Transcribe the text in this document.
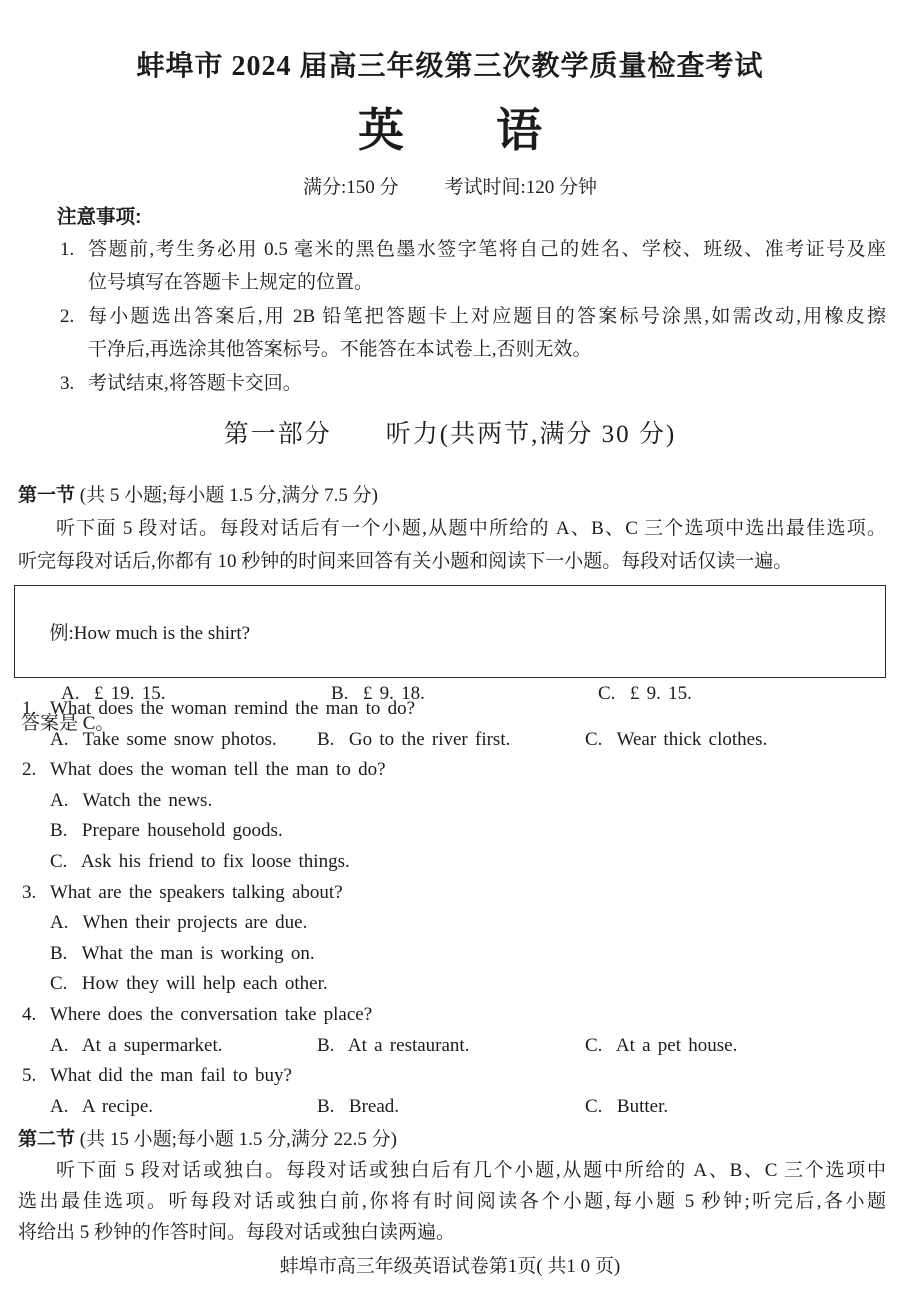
蚌埠市 2024 届高三年级第三次教学质量检查考试
英　　语
满分:150 分 考试时间:120 分钟
注意事项:
1. 答题前,考生务必用 0.5 毫米的黑色墨水签字笔将自己的姓名、学校、班级、准考证号及座
位号填写在答题卡上规定的位置。
2. 每小题选出答案后,用 2B 铅笔把答题卡上对应题目的答案标号涂黑,如需改动,用橡皮擦
干净后,再选涂其他答案标号。不能答在本试卷上,否则无效。
3. 考试结束,将答题卡交回。
第一部分　　听力(共两节,满分 30 分)
第一节 (共 5 小题;每小题 1.5 分,满分 7.5 分)
听下面 5 段对话。每段对话后有一个小题,从题中所给的 A、B、C 三个选项中选出最佳选项。
听完每段对话后,你都有 10 秒钟的时间来回答有关小题和阅读下一小题。每段对话仅读一遍。

例:How much is the shirt?

A.  £ 19. 15.	B.  £ 9. 18.	C.  £ 9. 15.
答案是 C。
1. What does the woman remind the man to do?
A.  Take some snow photos.	B.  Go to the river first.	C.  Wear thick clothes.
2. What does the woman tell the man to do?
A.  Watch the news.
B.  Prepare household goods.
C.  Ask his friend to fix loose things.
3. What are the speakers talking about?
A.  When their projects are due.
B.  What the man is working on.
C.  How they will help each other.
4. Where does the conversation take place?
A.  At a supermarket.	B.  At a restaurant.	C.  At a pet house.
5. What did the man fail to buy?
A.  A recipe.	B.  Bread.	C.  Butter.
第二节 (共 15 小题;每小题 1.5 分,满分 22.5 分)
听下面 5 段对话或独白。每段对话或独白后有几个小题,从题中所给的 A、B、C 三个选项中
选出最佳选项。听每段对话或独白前,你将有时间阅读各个小题,每小题 5 秒钟;听完后,各小题
将给出 5 秒钟的作答时间。每段对话或独白读两遍。
蚌埠市高三年级英语试卷第1页( 共1 0 页)
